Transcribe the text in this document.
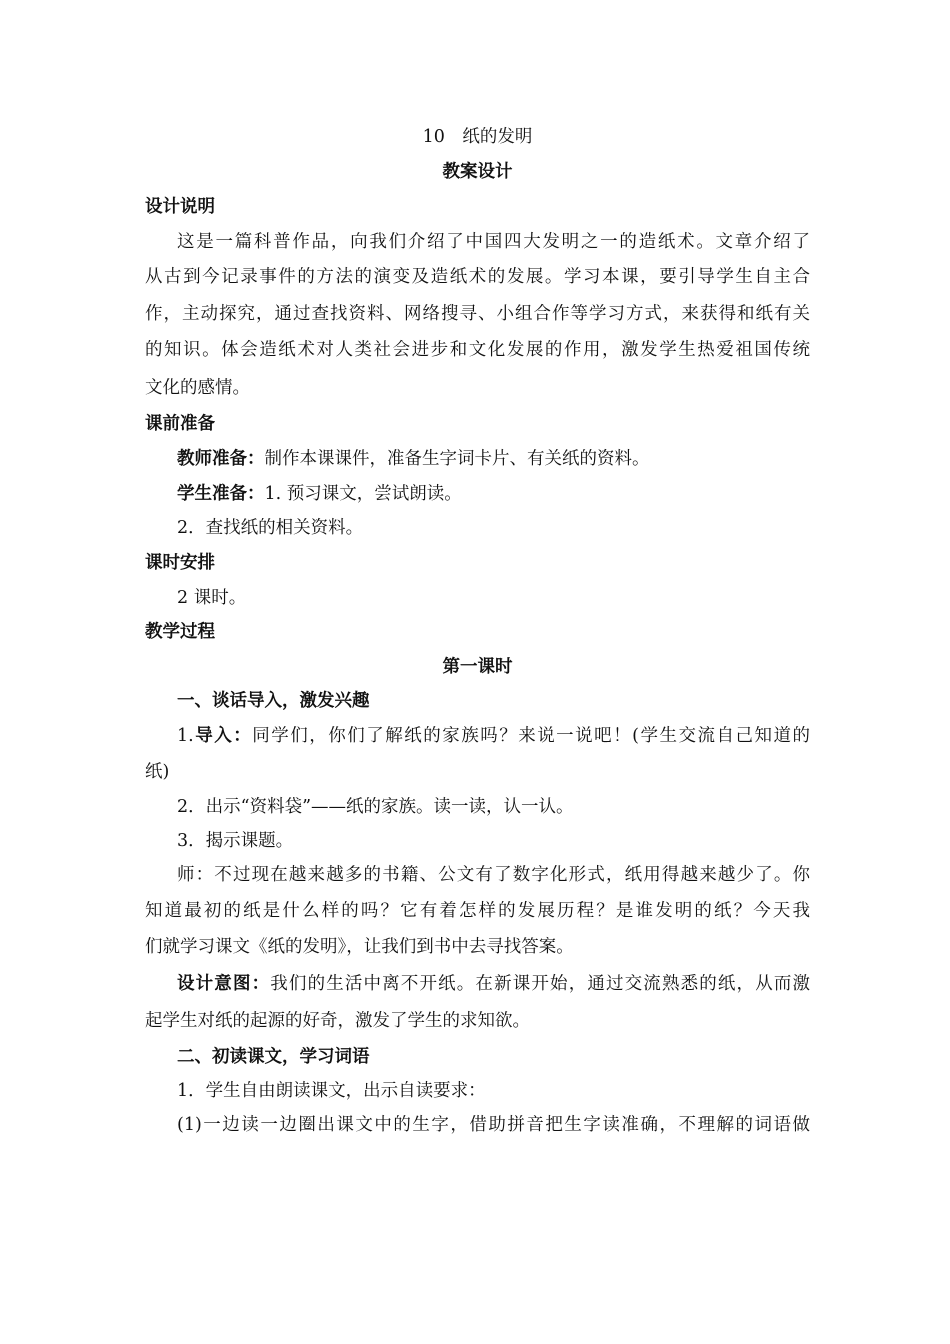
10　纸的发明
教案设计
设计说明
这是一篇科普作品，向我们介绍了中国四大发明之一的造纸术。文章介绍了
从古到今记录事件的方法的演变及造纸术的发展。学习本课，要引导学生自主合
作，主动探究，通过查找资料、网络搜寻、小组合作等学习方式，来获得和纸有关
的知识。体会造纸术对人类社会进步和文化发展的作用，激发学生热爱祖国传统
文化的感情。
课前准备
教师准备：制作本课课件，准备生字词卡片、有关纸的资料。
学生准备：1. 预习课文，尝试朗读。
2．查找纸的相关资料。
课时安排
2 课时。
教学过程
第一课时
一、谈话导入，激发兴趣
1.导入：同学们，你们了解纸的家族吗？来说一说吧！(学生交流自己知道的
纸)
2．出示“资料袋”——纸的家族。读一读，认一认。
3．揭示课题。
师：不过现在越来越多的书籍、公文有了数字化形式，纸用得越来越少了。你
知道最初的纸是什么样的吗？它有着怎样的发展历程？是谁发明的纸？今天我
们就学习课文《纸的发明》，让我们到书中去寻找答案。
设计意图：我们的生活中离不开纸。在新课开始，通过交流熟悉的纸，从而激
起学生对纸的起源的好奇，激发了学生的求知欲。
二、初读课文，学习词语
1．学生自由朗读课文，出示自读要求：
(1)一边读一边圈出课文中的生字，借助拼音把生字读准确，不理解的词语做
